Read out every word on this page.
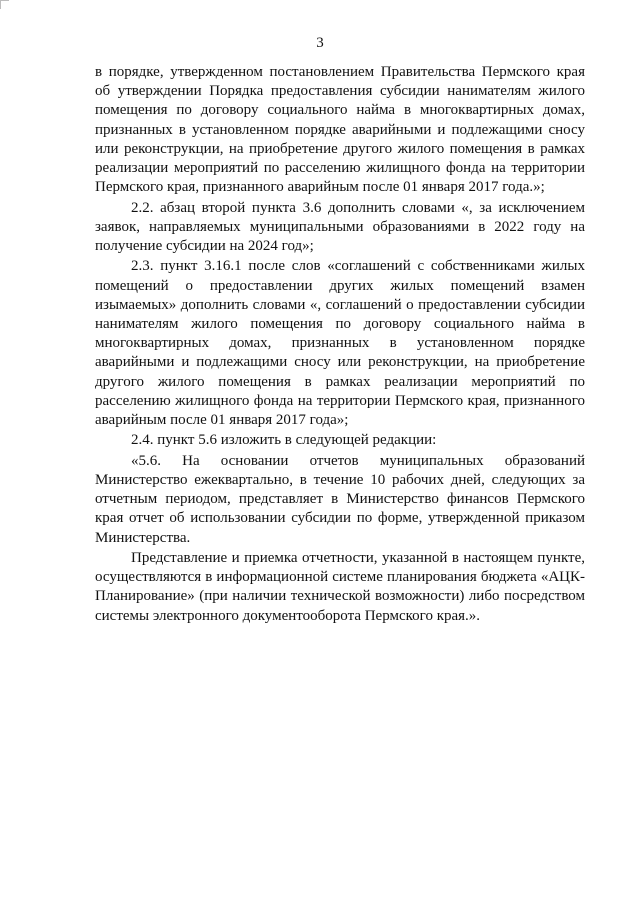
3

в порядке, утвержденном постановлением Правительства Пермского края об утверждении Порядка предоставления субсидии нанимателям жилого помещения по договору социального найма в многоквартирных домах, признанных в установленном порядке аварийными и подлежащими сносу или реконструкции, на приобретение другого жилого помещения в рамках реализации мероприятий по расселению жилищного фонда на территории Пермского края, признанного аварийным после 01 января 2017 года.»;

2.2. абзац второй пункта 3.6 дополнить словами «, за исключением заявок, направляемых муниципальными образованиями в 2022 году на получение субсидии на 2024 год»;

2.3. пункт 3.16.1 после слов «соглашений с собственниками жилых помещений о предоставлении других жилых помещений взамен изымаемых» дополнить словами «, соглашений о предоставлении субсидии нанимателям жилого помещения по договору социального найма в многоквартирных домах, признанных в установленном порядке аварийными и подлежащими сносу или реконструкции, на приобретение другого жилого помещения в рамках реализации мероприятий по расселению жилищного фонда на территории Пермского края, признанного аварийным после 01 января 2017 года»;

2.4. пункт 5.6 изложить в следующей редакции:

«5.6. На основании отчетов муниципальных образований Министерство ежеквартально, в течение 10 рабочих дней, следующих за отчетным периодом, представляет в Министерство финансов Пермского края отчет об использовании субсидии по форме, утвержденной приказом Министерства.

Представление и приемка отчетности, указанной в настоящем пункте, осуществляются в информационной системе планирования бюджета «АЦК-Планирование» (при наличии технической возможности) либо посредством системы электронного документооборота Пермского края.».
